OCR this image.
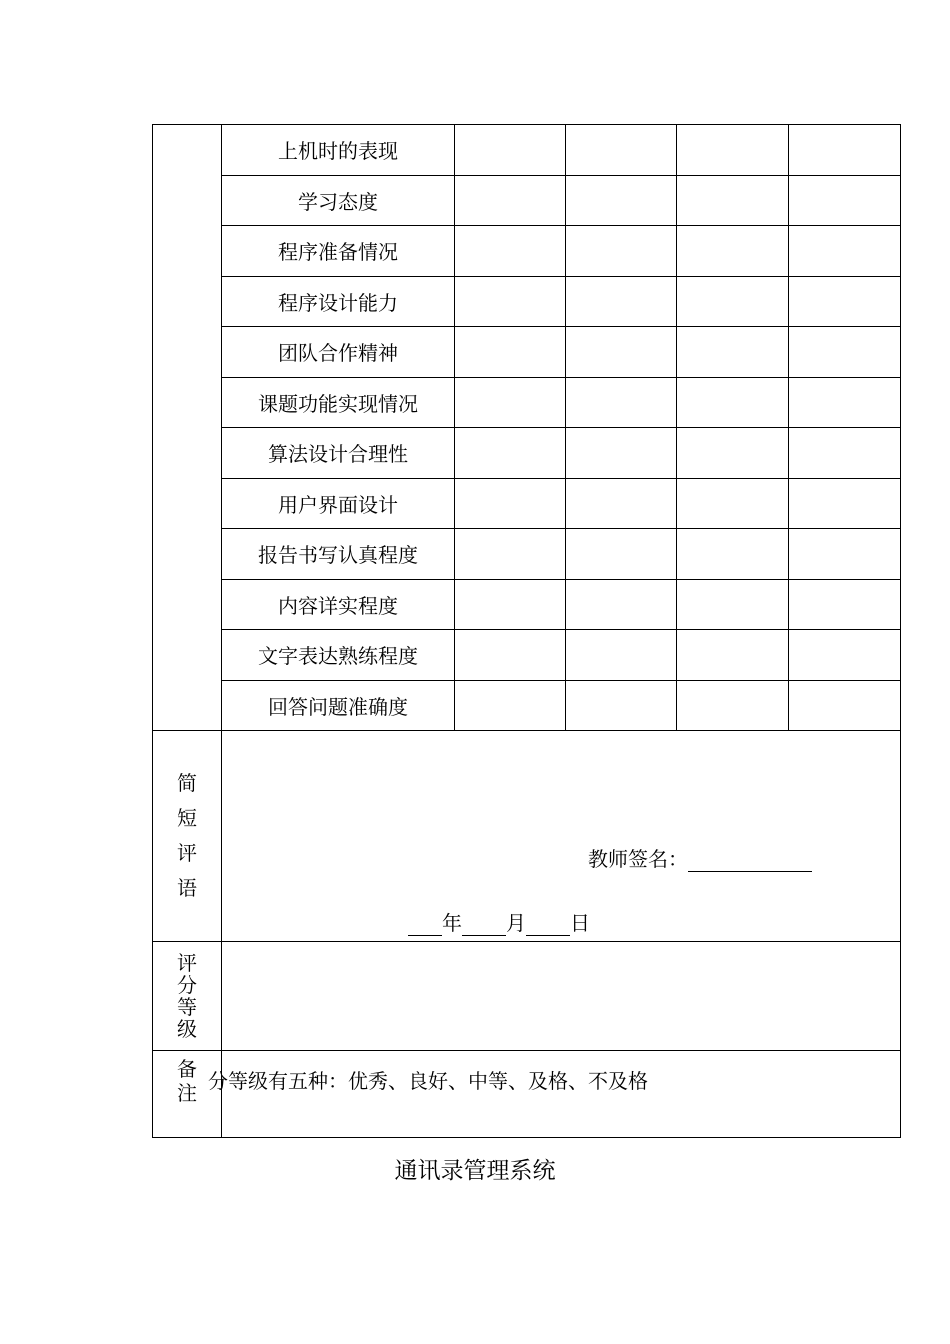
	上机时的表现				
	学习态度				
	程序准备情况				
	程序设计能力				
	团队合作精神				
	课题功能实现情况				
	算法设计合理性				
	用户界面设计				
	报告书写认真程度				
	内容详实程度				
	文字表达熟练程度				
	回答问题准确度				
简短评语	教师签名：
年 月 日				

评分等级					

备注	分等级有五种：优秀、良好、中等、及格、不及格				
通讯录管理系统
